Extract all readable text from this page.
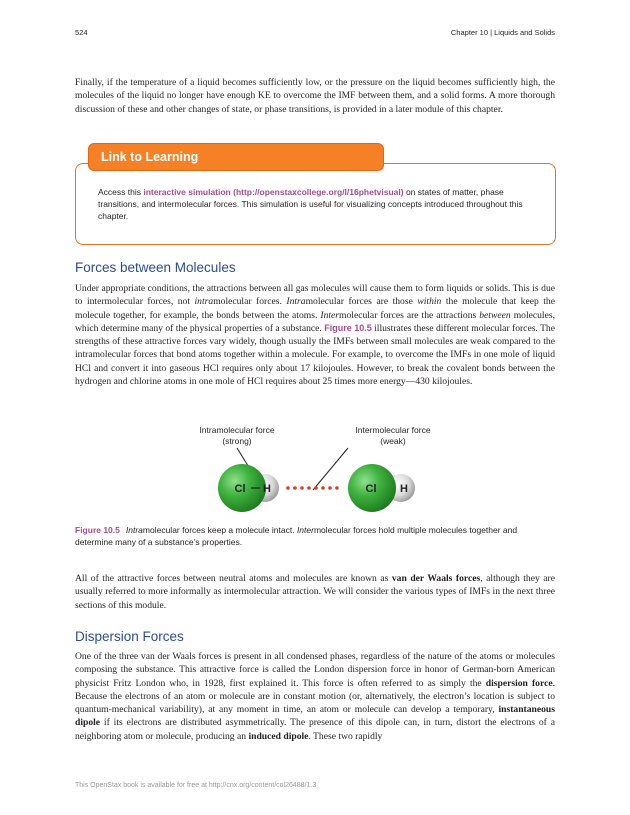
524	Chapter 10 | Liquids and Solids

Finally, if the temperature of a liquid becomes sufficiently low, or the pressure on the liquid becomes sufficiently high, the molecules of the liquid no longer have enough KE to overcome the IMF between them, and a solid forms. A more thorough discussion of these and other changes of state, or phase transitions, is provided in a later module of this chapter.

Link to Learning

Access this interactive simulation (http://openstaxcollege.org/l/16phetvisual) on states of matter, phase transitions, and intermolecular forces. This simulation is useful for visualizing concepts introduced throughout this chapter.

Forces between Molecules

Under appropriate conditions, the attractions between all gas molecules will cause them to form liquids or solids. This is due to intermolecular forces, not intramolecular forces. Intramolecular forces are those within the molecule that keep the molecule together, for example, the bonds between the atoms. Intermolecular forces are the attractions between molecules, which determine many of the physical properties of a substance. Figure 10.5 illustrates these different molecular forces. The strengths of these attractive forces vary widely, though usually the IMFs between small molecules are weak compared to the intramolecular forces that bond atoms together within a molecule. For example, to overcome the IMFs in one mole of liquid HCl and convert it into gaseous HCl requires only about 17 kilojoules. However, to break the covalent bonds between the hydrogen and chlorine atoms in one mole of HCl requires about 25 times more energy—430 kilojoules.

Intramolecular force
(strong)
Intermolecular force
(weak)
Cl H	Cl H

Figure 10.5 Intramolecular forces keep a molecule intact. Intermolecular forces hold multiple molecules together and determine many of a substance’s properties.

All of the attractive forces between neutral atoms and molecules are known as van der Waals forces, although they are usually referred to more informally as intermolecular attraction. We will consider the various types of IMFs in the next three sections of this module.

Dispersion Forces

One of the three van der Waals forces is present in all condensed phases, regardless of the nature of the atoms or molecules composing the substance. This attractive force is called the London dispersion force in honor of German-born American physicist Fritz London who, in 1928, first explained it. This force is often referred to as simply the dispersion force. Because the electrons of an atom or molecule are in constant motion (or, alternatively, the electron’s location is subject to quantum-mechanical variability), at any moment in time, an atom or molecule can develop a temporary, instantaneous dipole if its electrons are distributed asymmetrically. The presence of this dipole can, in turn, distort the electrons of a neighboring atom or molecule, producing an induced dipole. These two rapidly

This OpenStax book is available for free at http://cnx.org/content/col26488/1.3
